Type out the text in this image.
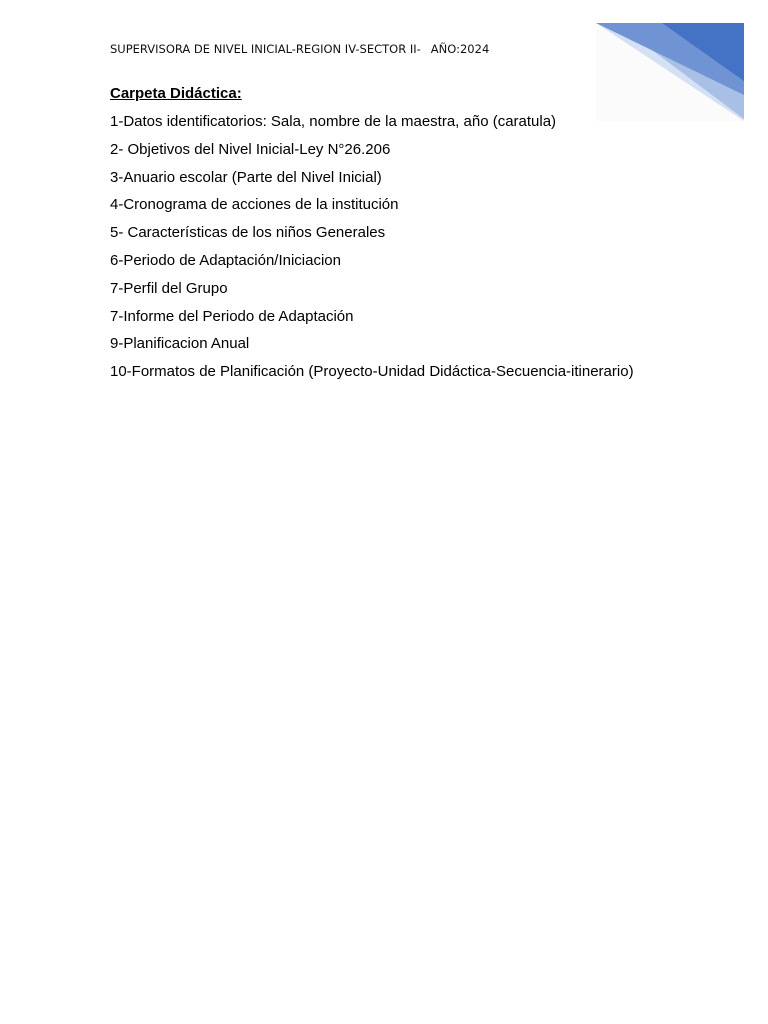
SUPERVISORA DE NIVEL INICIAL-REGION IV-SECTOR II- AÑO:2024
Carpeta Didáctica:
1-Datos identificatorios: Sala, nombre de la maestra, año (caratula)
2- Objetivos del Nivel Inicial-Ley N°26.206
3-Anuario escolar (Parte del Nivel Inicial)
4-Cronograma de acciones de la institución
5- Características de los niños Generales
6-Periodo de Adaptación/Iniciacion
7-Perfil del Grupo
7-Informe del Periodo de Adaptación
9-Planificacion Anual
10-Formatos de Planificación (Proyecto-Unidad Didáctica-Secuencia-itinerario)
